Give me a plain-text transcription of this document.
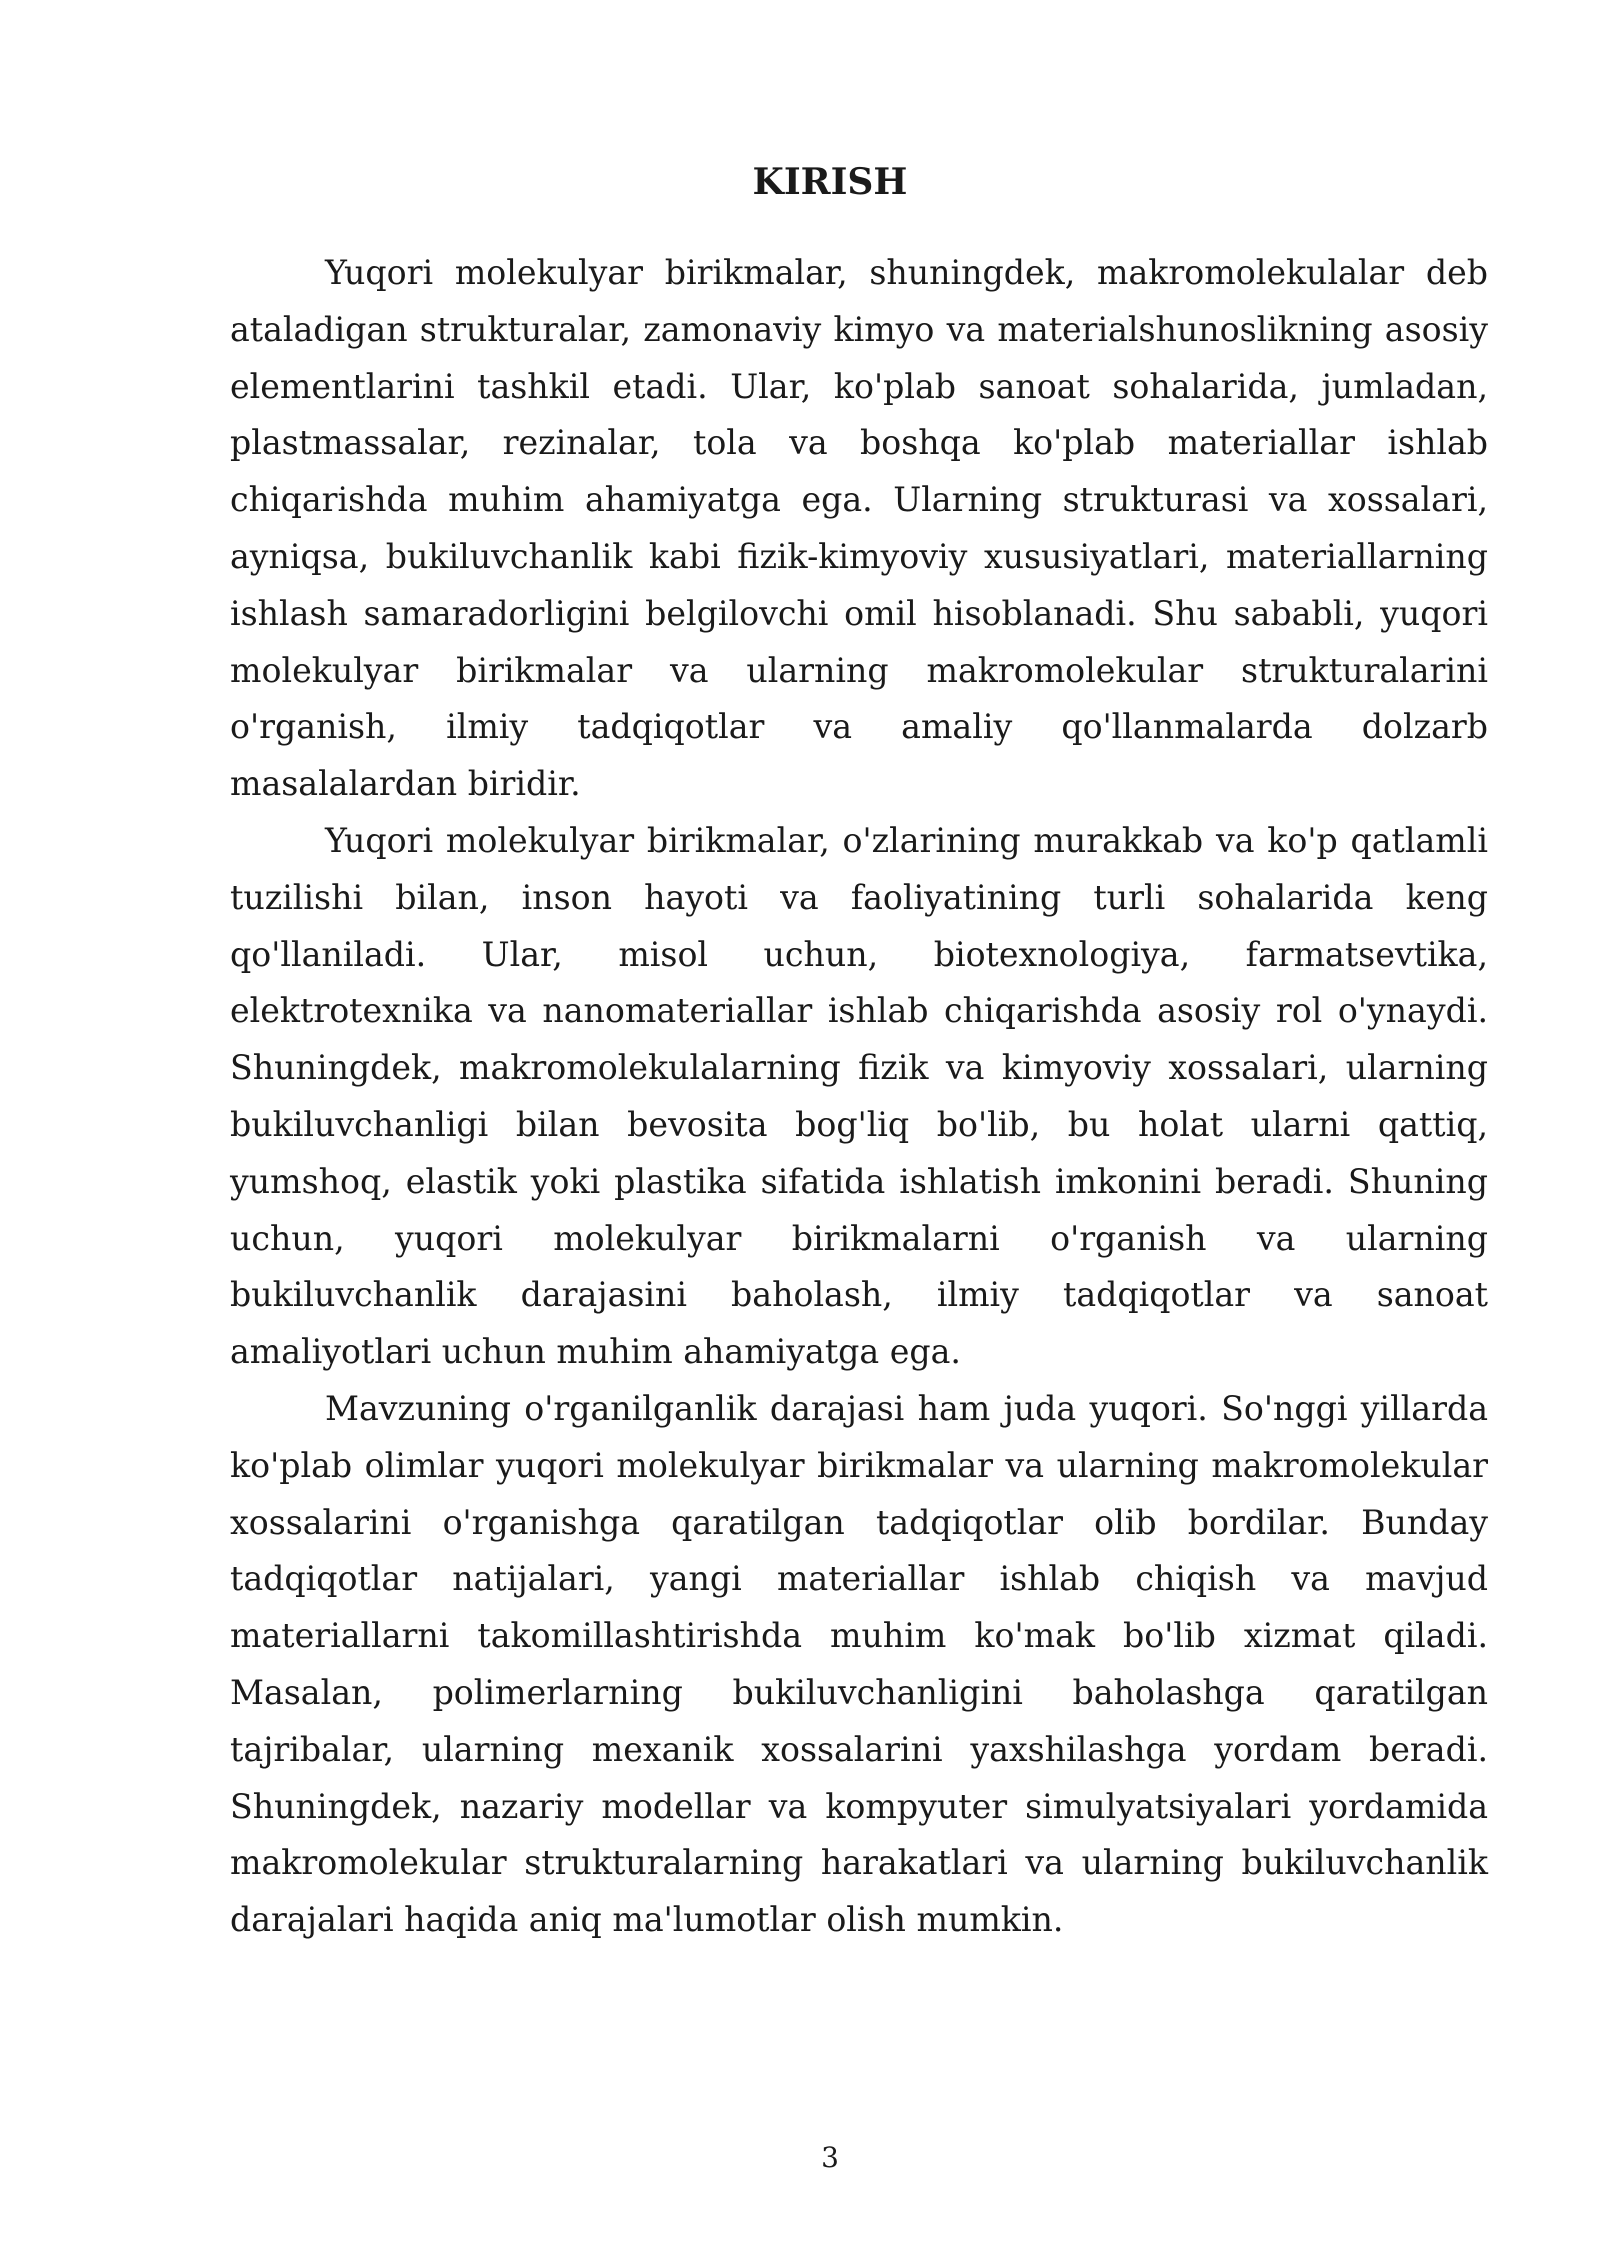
KIRISH

Yuqori molekulyar birikmalar, shuningdek, makromolekulalar deb ataladigan strukturalar, zamonaviy kimyo va materialshunoslikning asosiy elementlarini tashkil etadi. Ular, ko'plab sanoat sohalarida, jumladan, plastmassalar, rezinalar, tola va boshqa ko'plab materiallar ishlab chiqarishda muhim ahamiyatga ega. Ularning strukturasi va xossalari, ayniqsa, bukiluvchanlik kabi fizik-kimyoviy xususiyatlari, materiallarning ishlash samaradorligini belgilovchi omil hisoblanadi. Shu sababli, yuqori molekulyar birikmalar va ularning makromolekular strukturalarini o'rganish, ilmiy tadqiqotlar va amaliy qo'llanmalarda dolzarb masalalardan biridir.

Yuqori molekulyar birikmalar, o'zlarining murakkab va ko'p qatlamli tuzilishi bilan, inson hayoti va faoliyatining turli sohalarida keng qo'llaniladi. Ular, misol uchun, biotexnologiya, farmatsevtika, elektrotexnika va nanomateriallar ishlab chiqarishda asosiy rol o'ynaydi. Shuningdek, makromolekulalarning fizik va kimyoviy xossalari, ularning bukiluvchanligi bilan bevosita bog'liq bo'lib, bu holat ularni qattiq, yumshoq, elastik yoki plastika sifatida ishlatish imkonini beradi. Shuning uchun, yuqori molekulyar birikmalarni o'rganish va ularning bukiluvchanlik darajasini baholash, ilmiy tadqiqotlar va sanoat amaliyotlari uchun muhim ahamiyatga ega.

Mavzuning o'rganilganlik darajasi ham juda yuqori. So'nggi yillarda ko'plab olimlar yuqori molekulyar birikmalar va ularning makromolekular xossalarini o'rganishga qaratilgan tadqiqotlar olib bordilar. Bunday tadqiqotlar natijalari, yangi materiallar ishlab chiqish va mavjud materiallarni takomillashtirishda muhim ko'mak bo'lib xizmat qiladi. Masalan, polimerlarning bukiluvchanligini baholashga qaratilgan tajribalar, ularning mexanik xossalarini yaxshilashga yordam beradi. Shuningdek, nazariy modellar va kompyuter simulyatsiyalari yordamida makromolekular strukturalarning harakatlari va ularning bukiluvchanlik darajalari haqida aniq ma'lumotlar olish mumkin.

3
